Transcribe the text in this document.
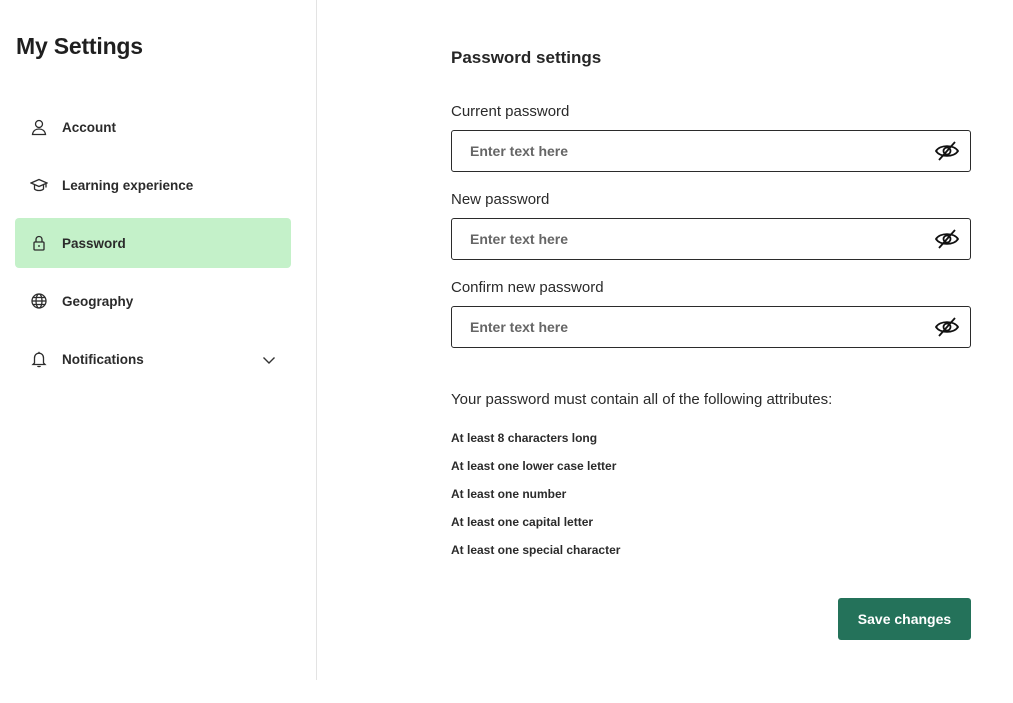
My Settings
Account
Learning experience
Password
Geography
Notifications
Password settings
Current password
New password
Confirm new password

Your password must contain all of the following attributes:

At least 8 characters long
At least one lower case letter
At least one number
At least one capital letter
At least one special character
Save changes
